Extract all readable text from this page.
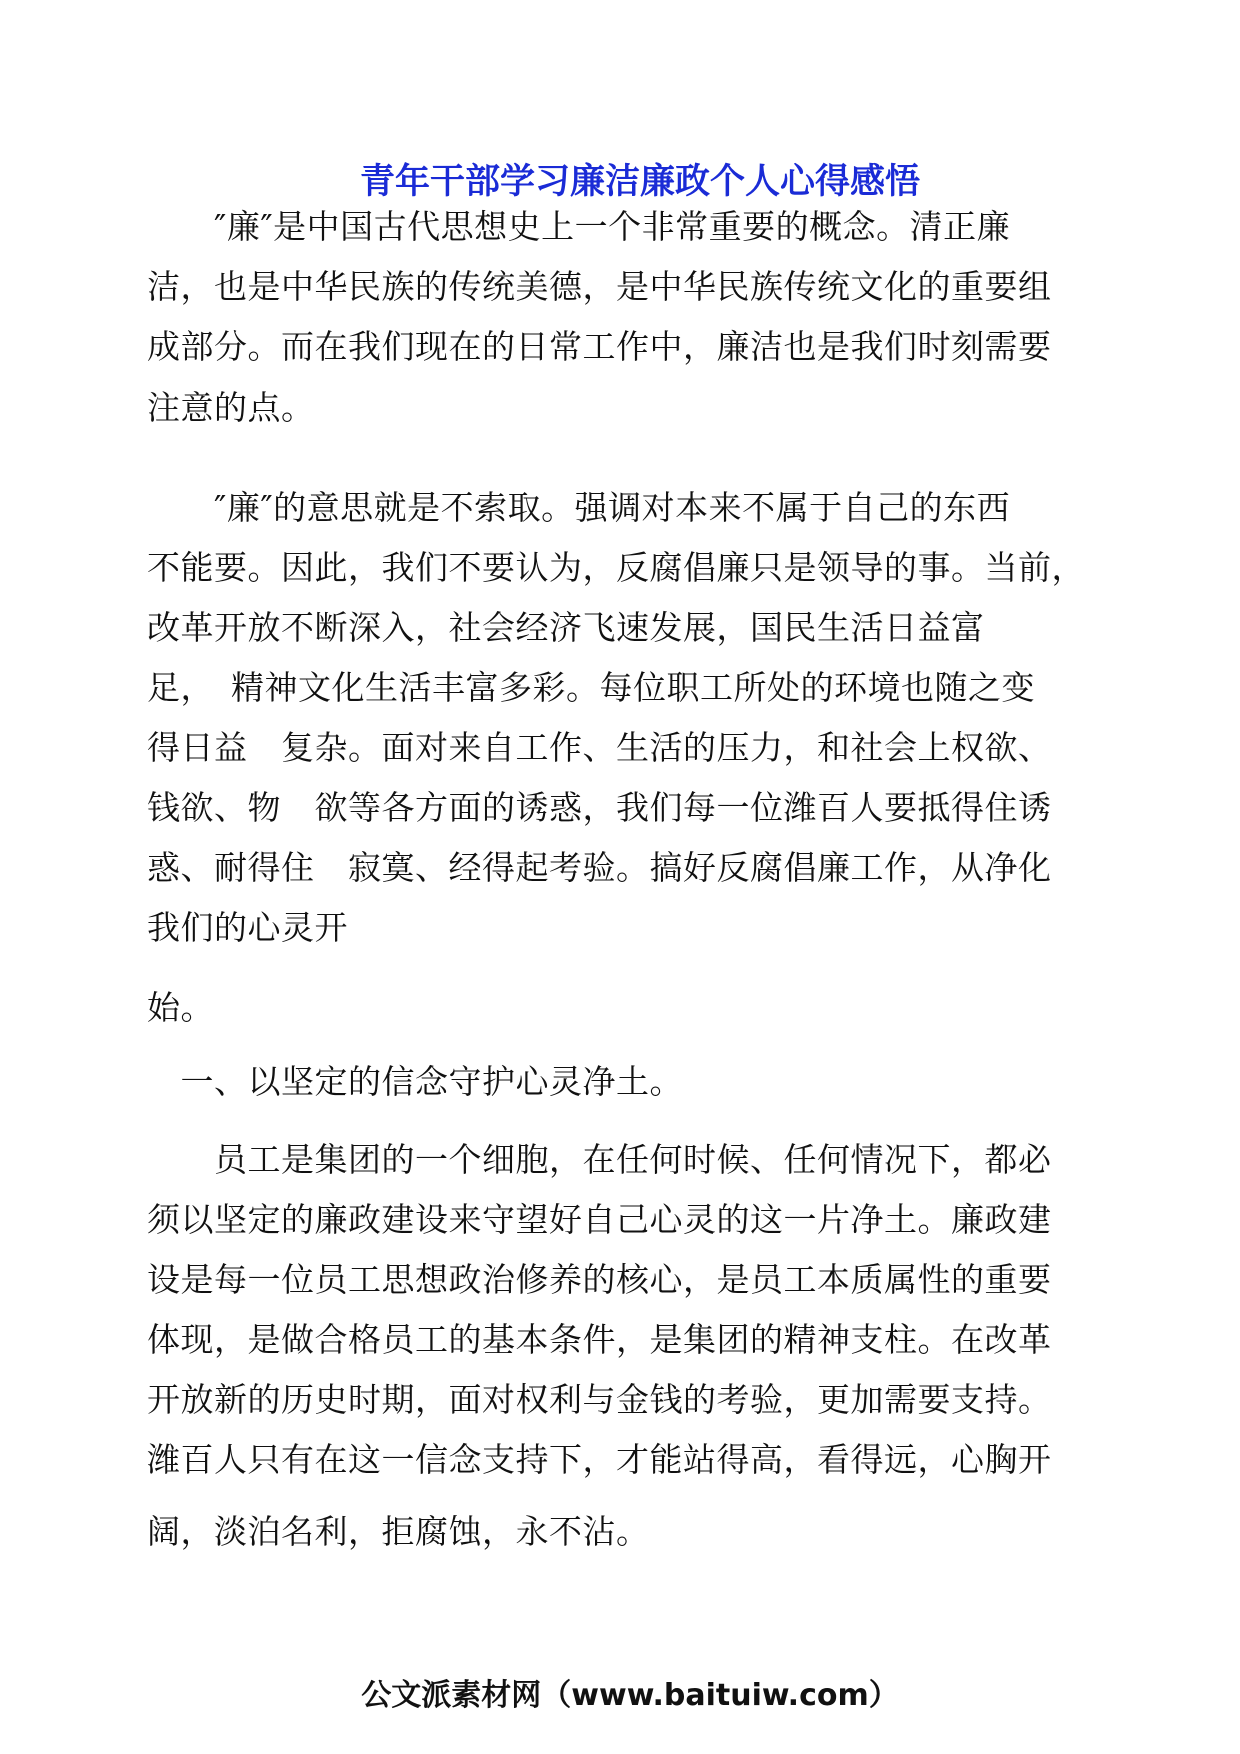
青年干部学习廉洁廉政个人心得感悟
　　″廉″是中国古代思想史上一个非常重要的概念。清正廉
洁，也是中华民族的传统美德，是中华民族传统文化的重要组
成部分。而在我们现在的日常工作中，廉洁也是我们时刻需要
注意的点。
　　″廉″的意思就是不索取。强调对本来不属于自己的东西
不能要。因此，我们不要认为，反腐倡廉只是领导的事。当前，
改革开放不断深入，社会经济飞速发展，国民生活日益富
足，　精神文化生活丰富多彩。每位职工所处的环境也随之变
得日益　复杂。面对来自工作、生活的压力，和社会上权欲、
钱欲、物　欲等各方面的诱惑，我们每一位潍百人要抵得住诱
惑、耐得住　寂寞、经得起考验。搞好反腐倡廉工作，从净化
我们的心灵开
始。
　一、以坚定的信念守护心灵净土。
　　员工是集团的一个细胞，在任何时候、任何情况下，都必
须以坚定的廉政建设来守望好自己心灵的这一片净土。廉政建
设是每一位员工思想政治修养的核心，是员工本质属性的重要
体现，是做合格员工的基本条件，是集团的精神支柱。在改革
开放新的历史时期，面对权利与金钱的考验，更加需要支持。
潍百人只有在这一信念支持下，才能站得高，看得远，心胸开
阔，淡泊名利，拒腐蚀，永不沾。
公文派素材网（www.baituiw.com）
